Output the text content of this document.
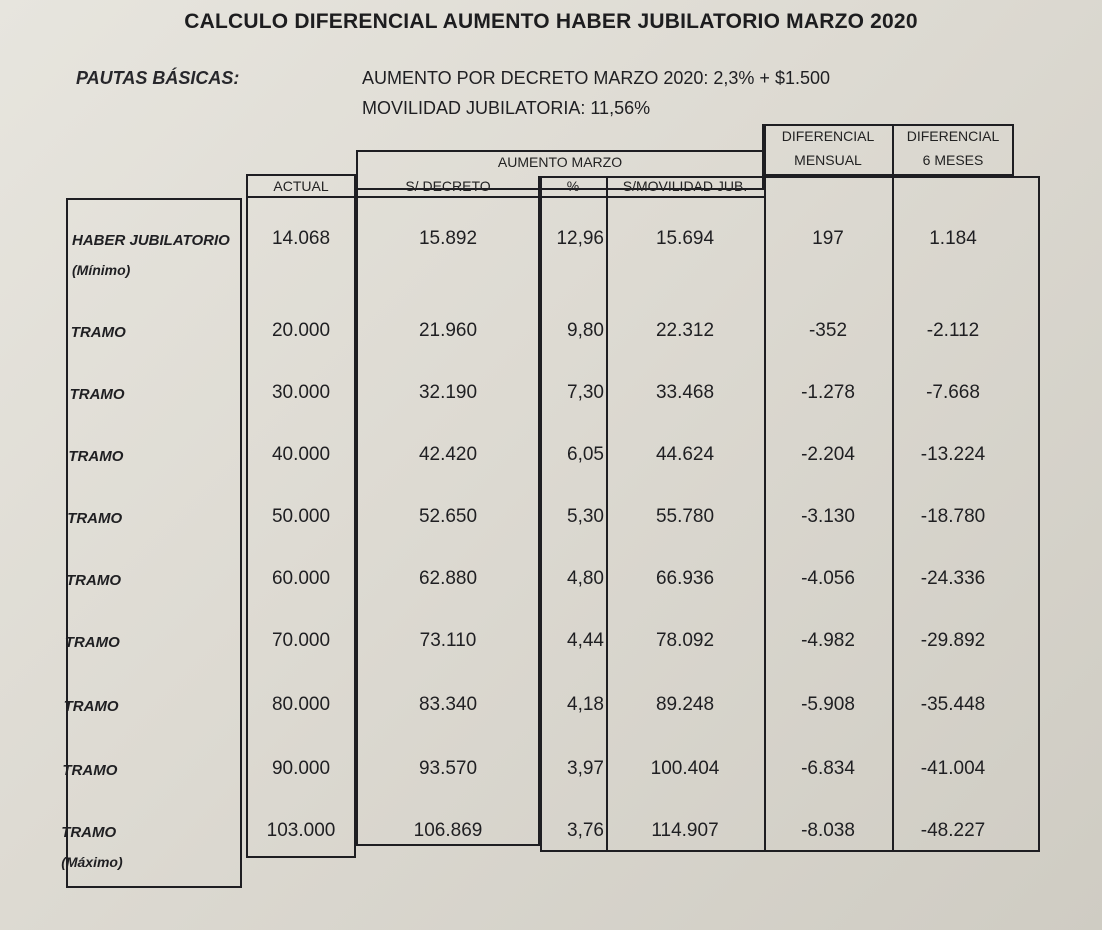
CALCULO DIFERENCIAL AUMENTO HABER JUBILATORIO MARZO 2020
PAUTAS BÁSICAS:	AUMENTO POR DECRETO MARZO 2020: 2,3% + $1.500
MOVILIDAD JUBILATORIA: 11,56%
AUMENTO MARZO
ACTUAL	S/ DECRETO	%	S/MOVILIDAD JUB.
DIFERENCIAL
MENSUAL
DIFERENCIAL
6 MESES
HABER JUBILATORIO
(Mínimo)
14.068	15.892	12,96	15.694	197	1.184
TRAMO	20.000	21.960	9,80	22.312	-352	-2.112
TRAMO	30.000	32.190	7,30	33.468	-1.278	-7.668
TRAMO	40.000	42.420	6,05	44.624	-2.204	-13.224
TRAMO	50.000	52.650	5,30	55.780	-3.130	-18.780
TRAMO	60.000	62.880	4,80	66.936	-4.056	-24.336
TRAMO	70.000	73.110	4,44	78.092	-4.982	-29.892
TRAMO	80.000	83.340	4,18	89.248	-5.908	-35.448
TRAMO	90.000	93.570	3,97	100.404	-6.834	-41.004
TRAMO
(Máximo)
103.000	106.869	3,76	114.907	-8.038	-48.227
